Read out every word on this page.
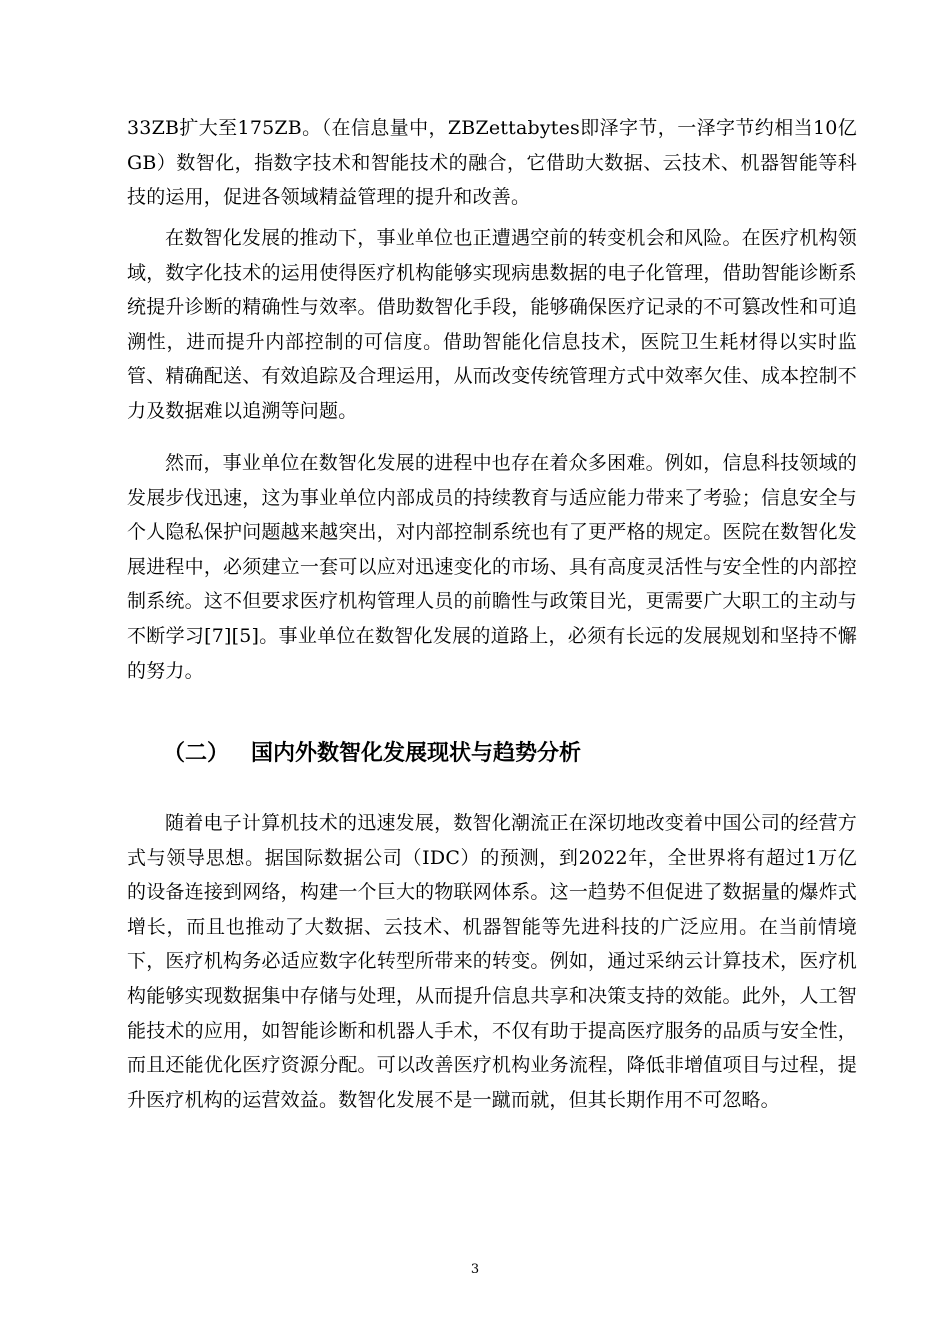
33ZB扩大至175ZB。（在信息量中，ZBZettabytes即泽字节，一泽字节约相当10亿GB）数智化，指数字技术和智能技术的融合，它借助大数据、云技术、机器智能等科技的运用，促进各领域精益管理的提升和改善。

在数智化发展的推动下，事业单位也正遭遇空前的转变机会和风险。在医疗机构领域，数字化技术的运用使得医疗机构能够实现病患数据的电子化管理，借助智能诊断系统提升诊断的精确性与效率。借助数智化手段，能够确保医疗记录的不可篡改性和可追溯性，进而提升内部控制的可信度。借助智能化信息技术，医院卫生耗材得以实时监管、精确配送、有效追踪及合理运用，从而改变传统管理方式中效率欠佳、成本控制不力及数据难以追溯等问题。

然而，事业单位在数智化发展的进程中也存在着众多困难。例如，信息科技领域的发展步伐迅速，这为事业单位内部成员的持续教育与适应能力带来了考验；信息安全与个人隐私保护问题越来越突出，对内部控制系统也有了更严格的规定。医院在数智化发展进程中，必须建立一套可以应对迅速变化的市场、具有高度灵活性与安全性的内部控制系统。这不但要求医疗机构管理人员的前瞻性与政策目光，更需要广大职工的主动与不断学习[7][5]。事业单位在数智化发展的道路上，必须有长远的发展规划和坚持不懈的努力。

（二） 国内外数智化发展现状与趋势分析

随着电子计算机技术的迅速发展，数智化潮流正在深切地改变着中国公司的经营方式与领导思想。据国际数据公司（IDC）的预测，到2022年，全世界将有超过1万亿的设备连接到网络，构建一个巨大的物联网体系。这一趋势不但促进了数据量的爆炸式增长，而且也推动了大数据、云技术、机器智能等先进科技的广泛应用。在当前情境下，医疗机构务必适应数字化转型所带来的转变。例如，通过采纳云计算技术，医疗机构能够实现数据集中存储与处理，从而提升信息共享和决策支持的效能。此外，人工智能技术的应用，如智能诊断和机器人手术，不仅有助于提高医疗服务的品质与安全性，而且还能优化医疗资源分配。可以改善医疗机构业务流程，降低非增值项目与过程，提升医疗机构的运营效益。数智化发展不是一蹴而就，但其长期作用不可忽略。

3
